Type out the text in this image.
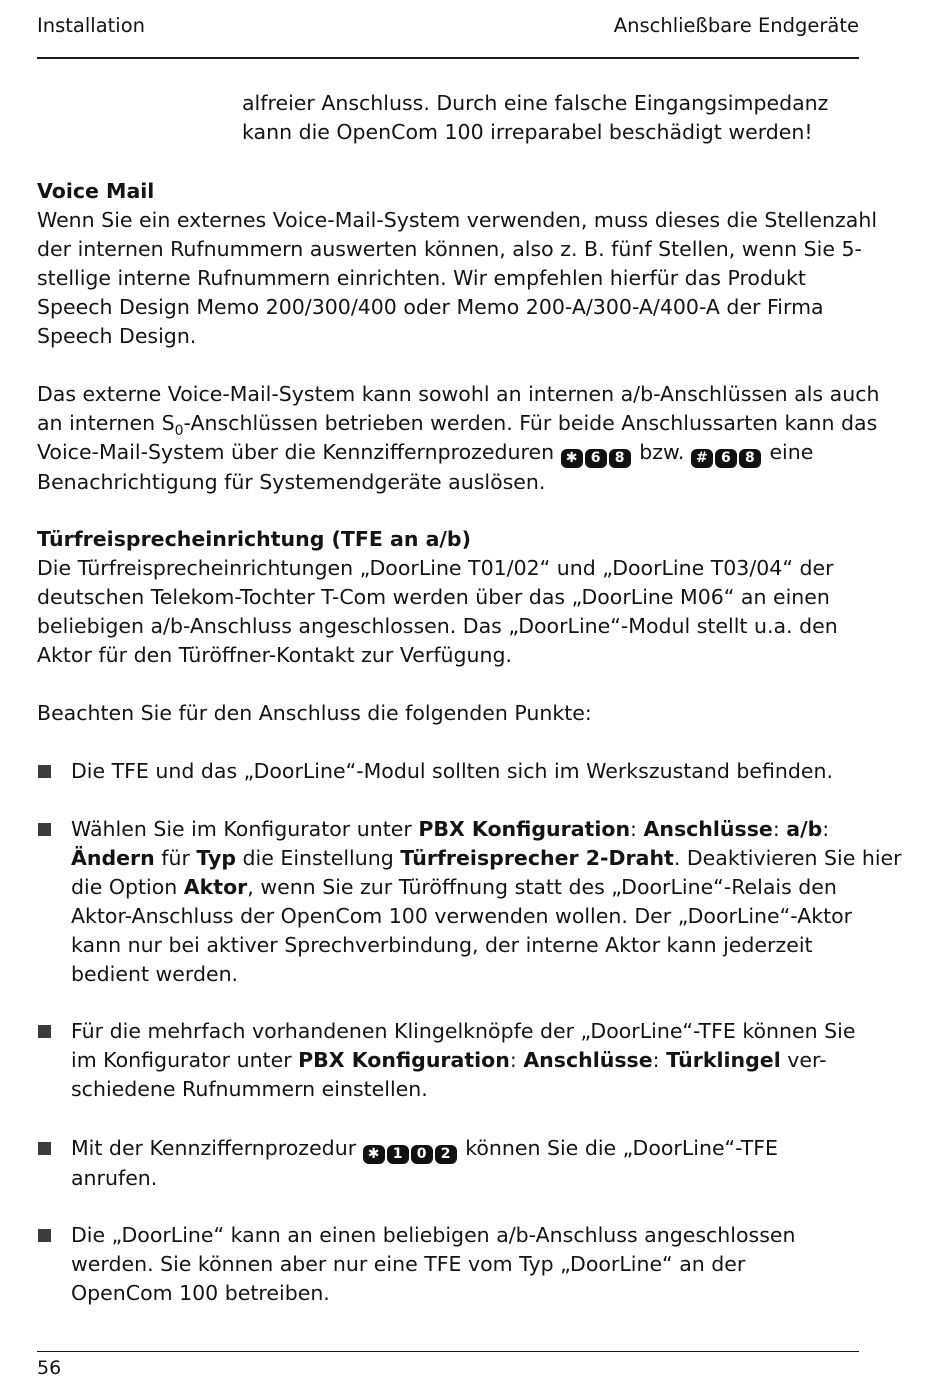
Installation	Anschließbare Endgeräte

alfreier Anschluss. Durch eine falsche Eingangsimpedanz
kann die OpenCom 100 irreparabel beschädigt werden!

Voice Mail
Wenn Sie ein externes Voice-Mail-System verwenden, muss dieses die Stellenzahl
der internen Rufnummern auswerten können, also z. B. fünf Stellen, wenn Sie 5-
stellige interne Rufnummern einrichten. Wir empfehlen hierfür das Produkt
Speech Design Memo 200/300/400 oder Memo 200-A/300-A/400-A der Firma
Speech Design.
Das externe Voice-Mail-System kann sowohl an internen a/b-Anschlüssen als auch
an internen $S_0$-Anschlüssen betrieben werden. Für beide Anschlussarten kann das
Voice-Mail-System über die Kennziffernprozeduren ✱ 6 8 bzw. # 6 8 eine
Benachrichtigung für Systemendgeräte auslösen.
Türfreisprecheinrichtung (TFE an a/b)
Die Türfreisprecheinrichtungen „DoorLine T01/02“ und „DoorLine T03/04“ der
deutschen Telekom-Tochter T-Com werden über das „DoorLine M06“ an einen
beliebigen a/b-Anschluss angeschlossen. Das „DoorLine“-Modul stellt u.a. den
Aktor für den Türöffner-Kontakt zur Verfügung.
Beachten Sie für den Anschluss die folgenden Punkte:
Die TFE und das „DoorLine“-Modul sollten sich im Werkszustand befinden.
Wählen Sie im Konfigurator unter PBX Konfiguration: Anschlüsse: a/b:
Ändern für Typ die Einstellung Türfreisprecher 2-Draht. Deaktivieren Sie hier
die Option Aktor, wenn Sie zur Türöffnung statt des „DoorLine“-Relais den
Aktor-Anschluss der OpenCom 100 verwenden wollen. Der „DoorLine“-Aktor
kann nur bei aktiver Sprechverbindung, der interne Aktor kann jederzeit
bedient werden.
Für die mehrfach vorhandenen Klingelknöpfe der „DoorLine“-TFE können Sie
im Konfigurator unter PBX Konfiguration: Anschlüsse: Türklingel ver-
schiedene Rufnummern einstellen.
Mit der Kennziffernprozedur ✱ 1 0 2 können Sie die „DoorLine“-TFE
anrufen.
Die „DoorLine“ kann an einen beliebigen a/b-Anschluss angeschlossen
werden. Sie können aber nur eine TFE vom Typ „DoorLine“ an der
OpenCom 100 betreiben.
56
